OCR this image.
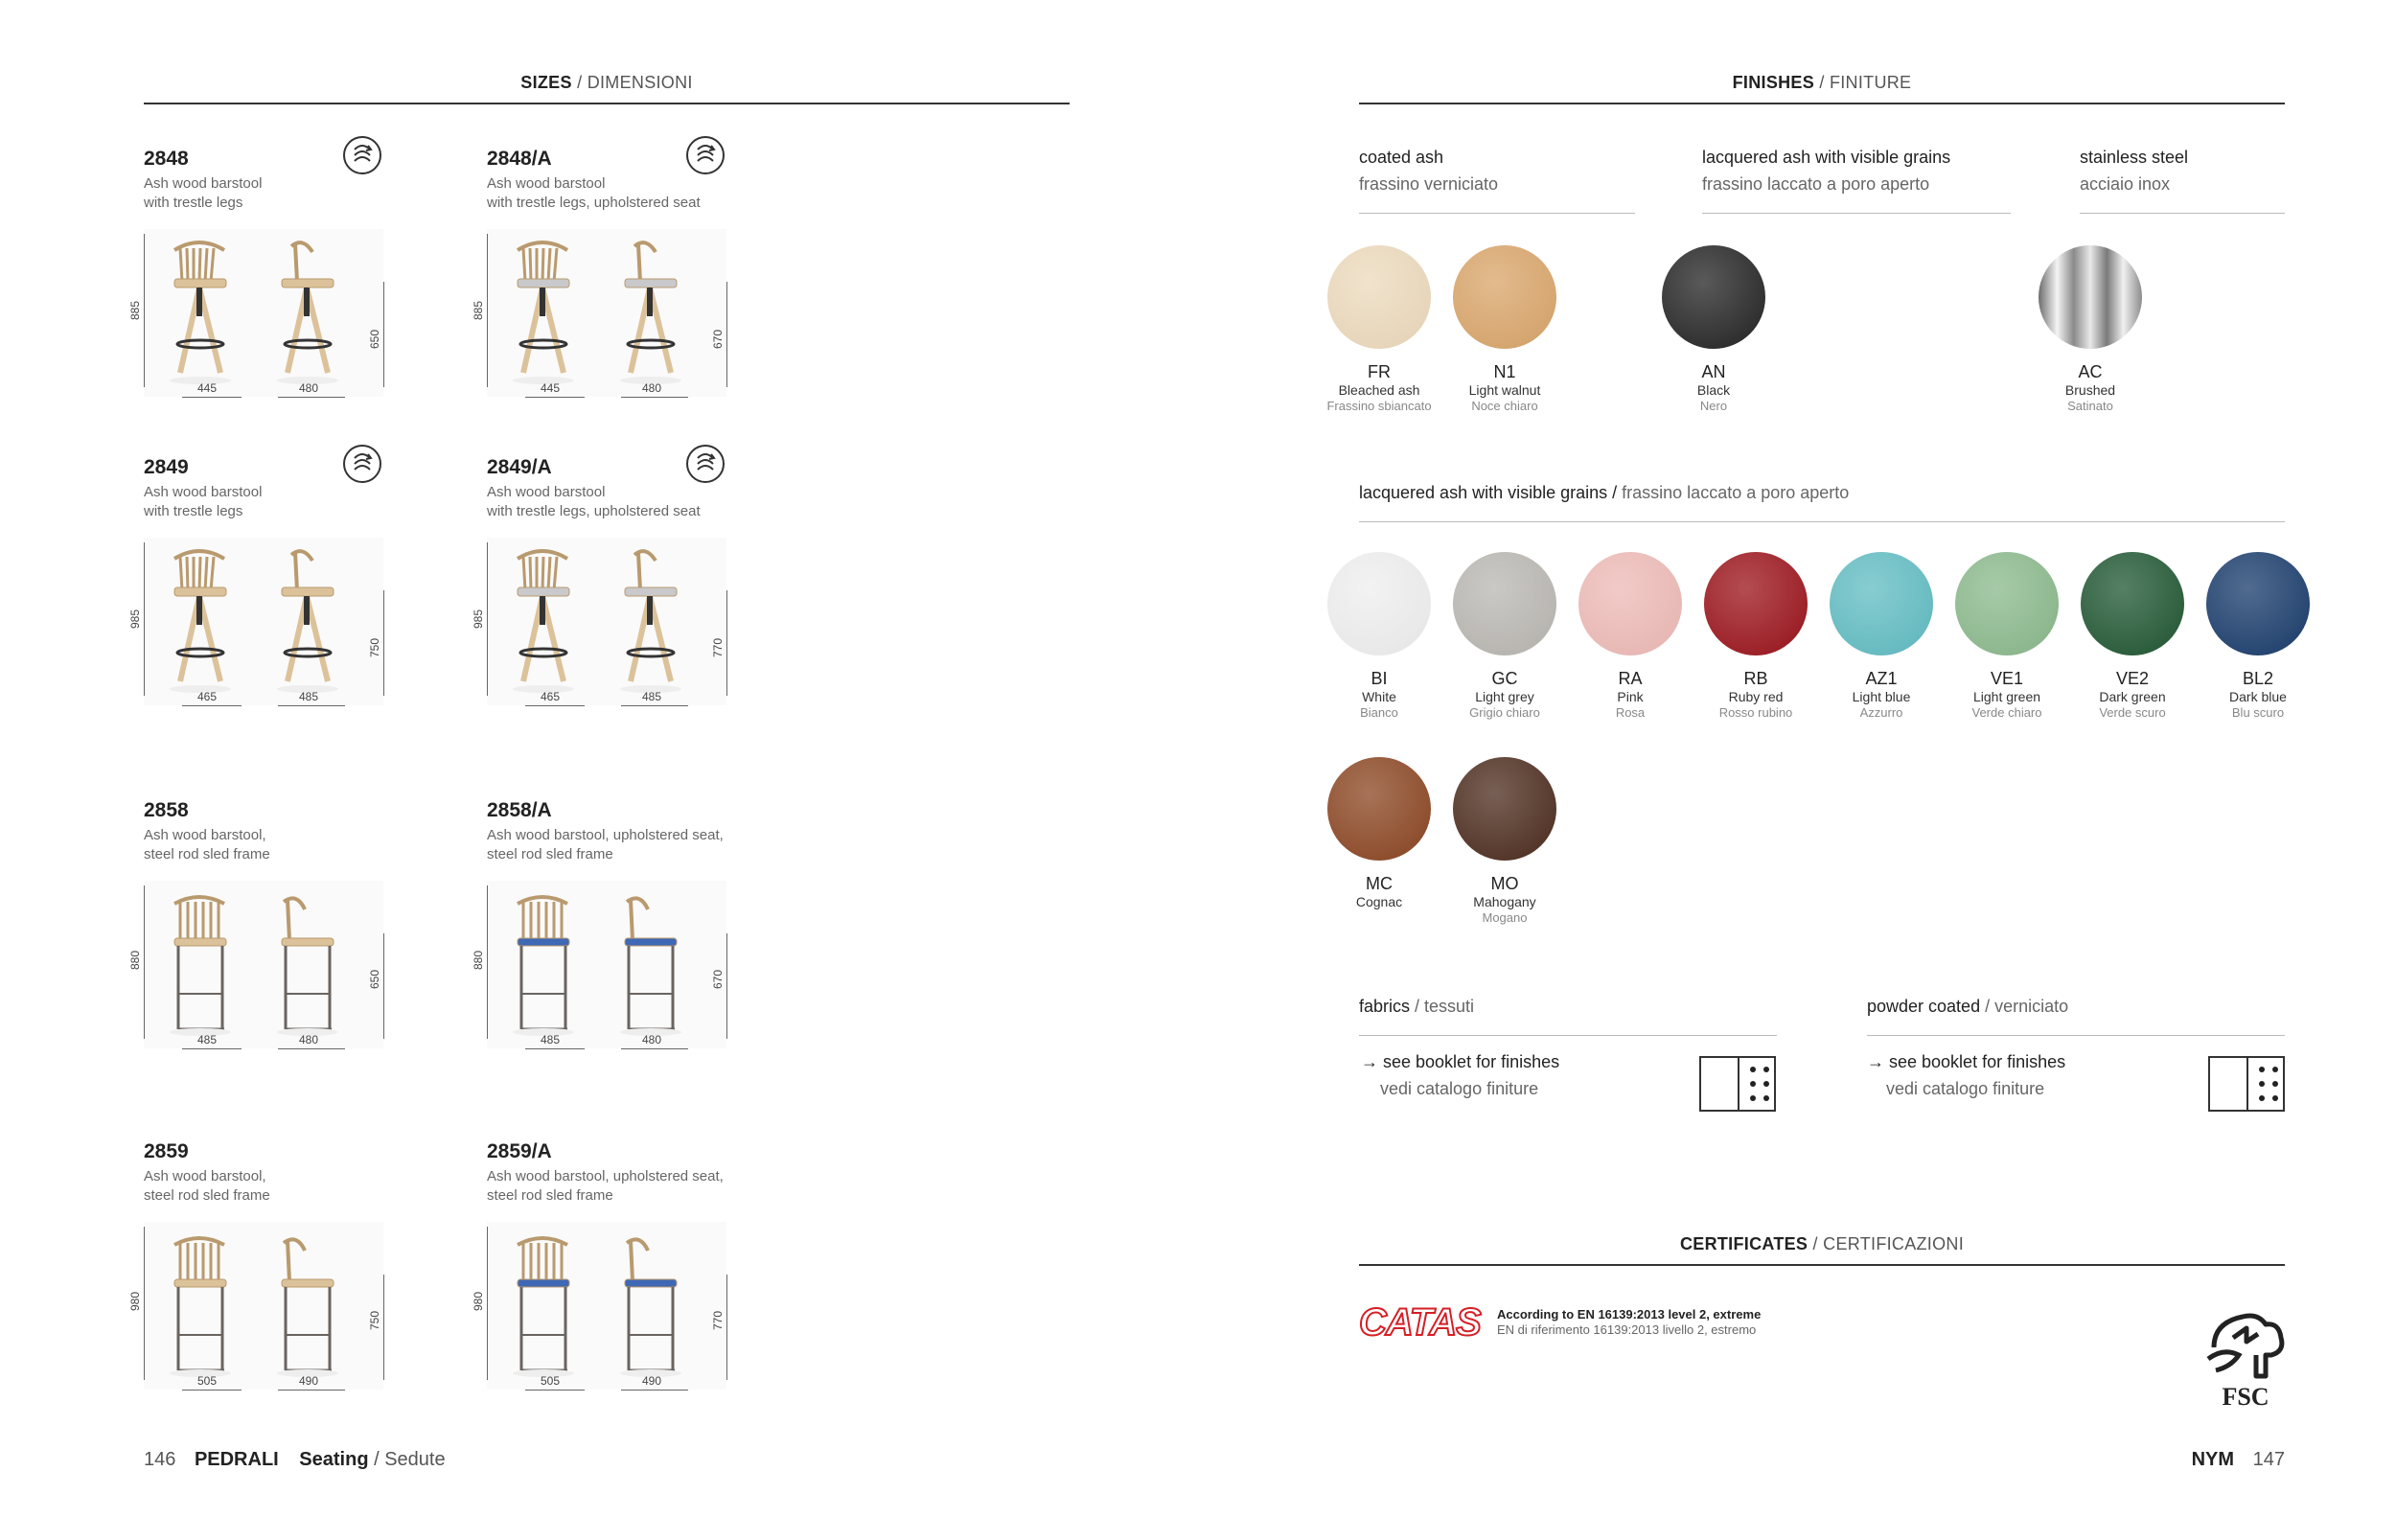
SIZES / DIMENSIONI
2848
Ash wood barstool
with trestle legs
885
650
445	480
2848/A
Ash wood barstool
with trestle legs, upholstered seat
885
670
445	480
2849
Ash wood barstool
with trestle legs
985
750
465	485
2849/A
Ash wood barstool
with trestle legs, upholstered seat
985
770
465	485
2858
Ash wood barstool,
steel rod sled frame
880
650
485	480
2858/A
Ash wood barstool, upholstered seat,
steel rod sled frame
880
670
485	480
2859
Ash wood barstool,
steel rod sled frame
980
750
505	490
2859/A
Ash wood barstool, upholstered seat,
steel rod sled frame
980
770
505	490
FINISHES / FINITURE
coated ash
frassino verniciato
lacquered ash with visible grains
frassino laccato a poro aperto
stainless steel
acciaio inox
FR
Bleached ash
Frassino sbiancato
N1
Light walnut
Noce chiaro
AN
Black
Nero
AC
Brushed
Satinato
lacquered ash with visible grains / frassino laccato a poro aperto
BI
White
Bianco
GC
Light grey
Grigio chiaro
RA
Pink
Rosa
RB
Ruby red
Rosso rubino
AZ1
Light blue
Azzurro
VE1
Light green
Verde chiaro
VE2
Dark green
Verde scuro
BL2
Dark blue
Blu scuro
MC
Cognac
MO
Mahogany
Mogano
fabrics / tessuti
→ see booklet for finishes
vedi catalogo finiture
powder coated / verniciato
→ see booklet for finishes
vedi catalogo finiture
CERTIFICATES / CERTIFICAZIONI
CATAS According to EN 16139:2013 level 2, extreme
EN di riferimento 16139:2013 livello 2, estremo
FSC
146 PEDRALI Seating / Sedute	NYM 147
